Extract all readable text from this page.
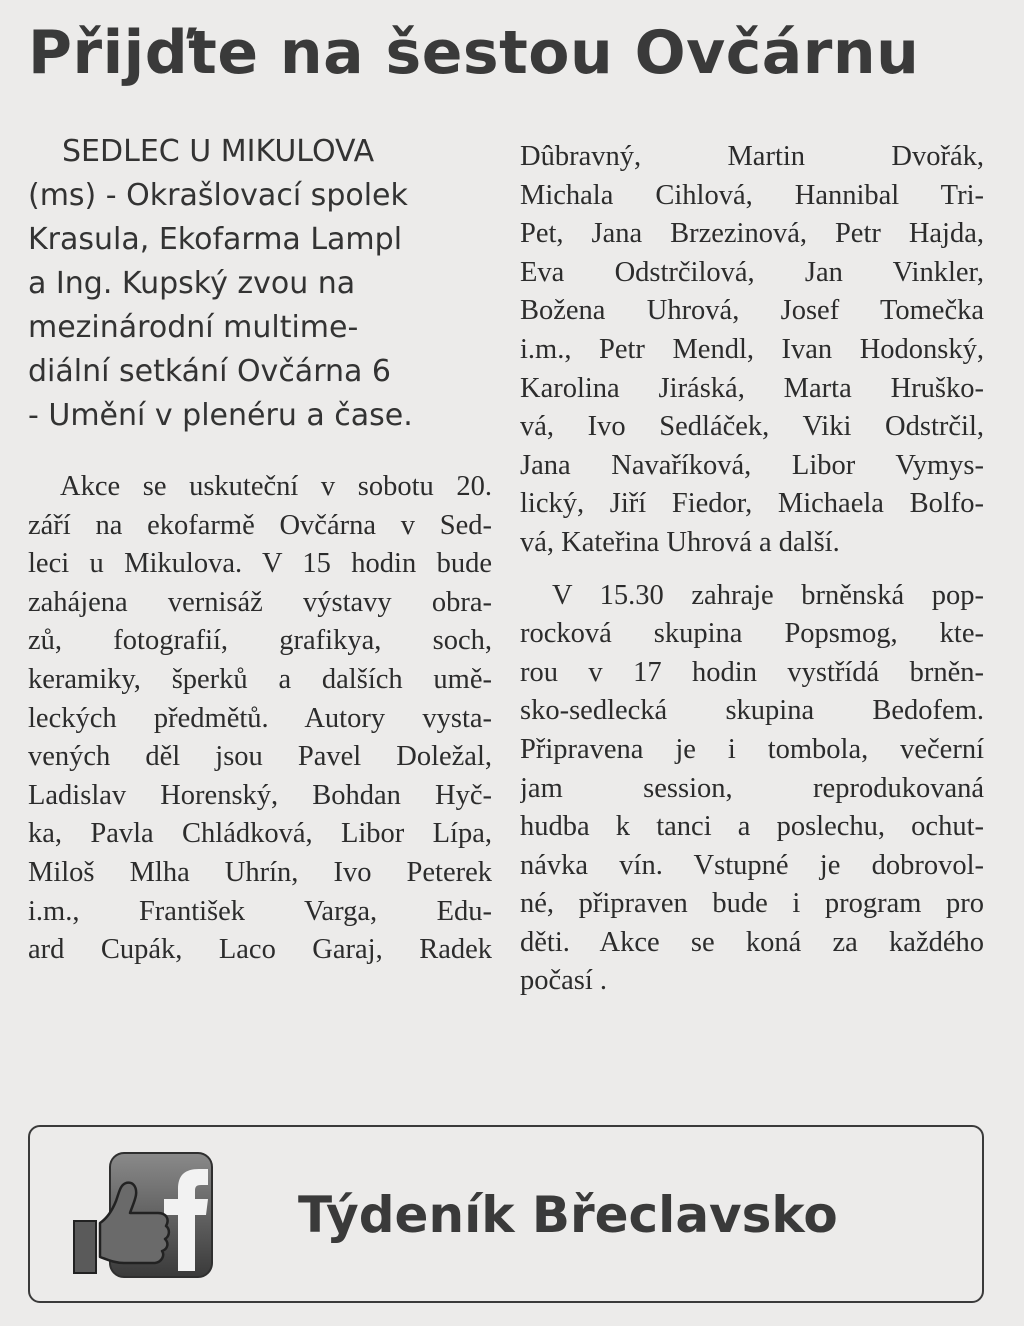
Přijďte na šestou Ovčárnu
SEDLEC U MIKULOVA
(ms) - Okrašlovací spolek
Krasula, Ekofarma Lampl
a Ing. Kupský zvou na
mezinárodní multime-
diální setkání Ovčárna 6
- Umění v plenéru a čase.
Akce se uskuteční v sobotu 20.
září na ekofarmě Ovčárna v Sed-
leci u Mikulova. V 15 hodin bude
zahájena vernisáž výstavy obra-
zů, fotografií, grafikya, soch,
keramiky, šperků a dalších umě-
leckých předmětů. Autory vysta-
vených děl jsou Pavel Doležal,
Ladislav Horenský, Bohdan Hyč-
ka, Pavla Chládková, Libor Lípa,
Miloš Mlha Uhrín, Ivo Peterek
i.m., František Varga, Edu-
ard Cupák, Laco Garaj, Radek
Dûbravný, Martin Dvořák,
Michala Cihlová, Hannibal Tri-
Pet, Jana Brzezinová, Petr Hajda,
Eva Odstrčilová, Jan Vinkler,
Božena Uhrová, Josef Tomečka
i.m., Petr Mendl, Ivan Hodonský,
Karolina Jiráská, Marta Hruško-
vá, Ivo Sedláček, Viki Odstrčil,
Jana Navaříková, Libor Vymys-
lický, Jiří Fiedor, Michaela Bolfo-
vá, Kateřina Uhrová a další.
V 15.30 zahraje brněnská pop-
rocková skupina Popsmog, kte-
rou v 17 hodin vystřídá brněn-
sko-sedlecká skupina Bedofem.
Připravena je i tombola, večerní
jam session, reprodukovaná
hudba k tanci a poslechu, ochut-
návka vín. Vstupné je dobrovol-
né, připraven bude i program pro
děti. Akce se koná za každého
počasí .
Týdeník Břeclavsko
